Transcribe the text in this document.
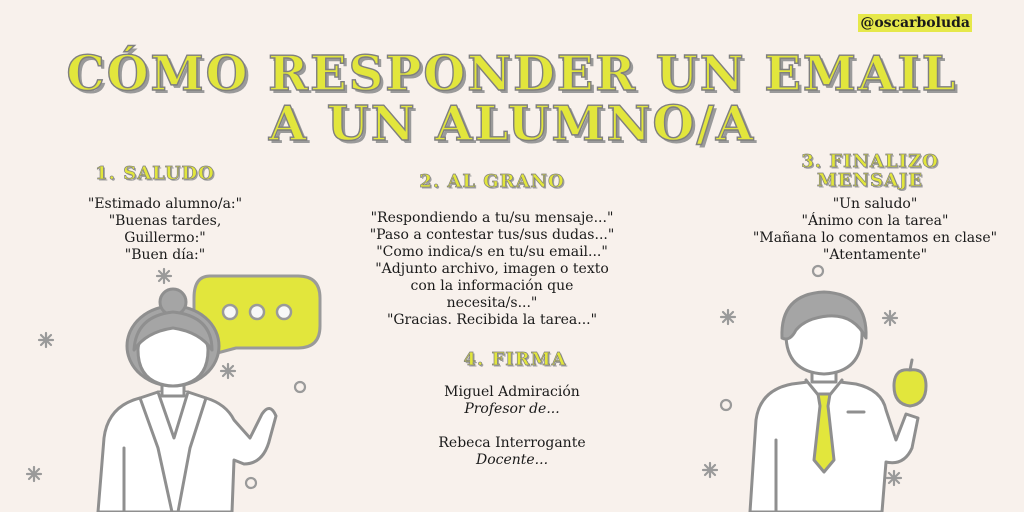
@oscarboluda
CÓMO RESPONDER UN EMAIL
A UN ALUMNO/A
1. SALUDO
"Estimado alumno/a:"
"Buenas tardes,
Guillermo:"
"Buen día:"
2. AL GRANO
"Respondiendo a tu/su mensaje..."
"Paso a contestar tus/sus dudas..."
"Como indica/s en tu/su email..."
"Adjunto archivo, imagen o texto
con la información que
necesita/s..."
"Gracias. Recibida la tarea..."
3. FINALIZO
MENSAJE
"Un saludo"
"Ánimo con la tarea"
"Mañana lo comentamos en clase"
"Atentamente"
4. FIRMA
Miguel Admiración
Profesor de...
Rebeca Interrogante
Docente...
